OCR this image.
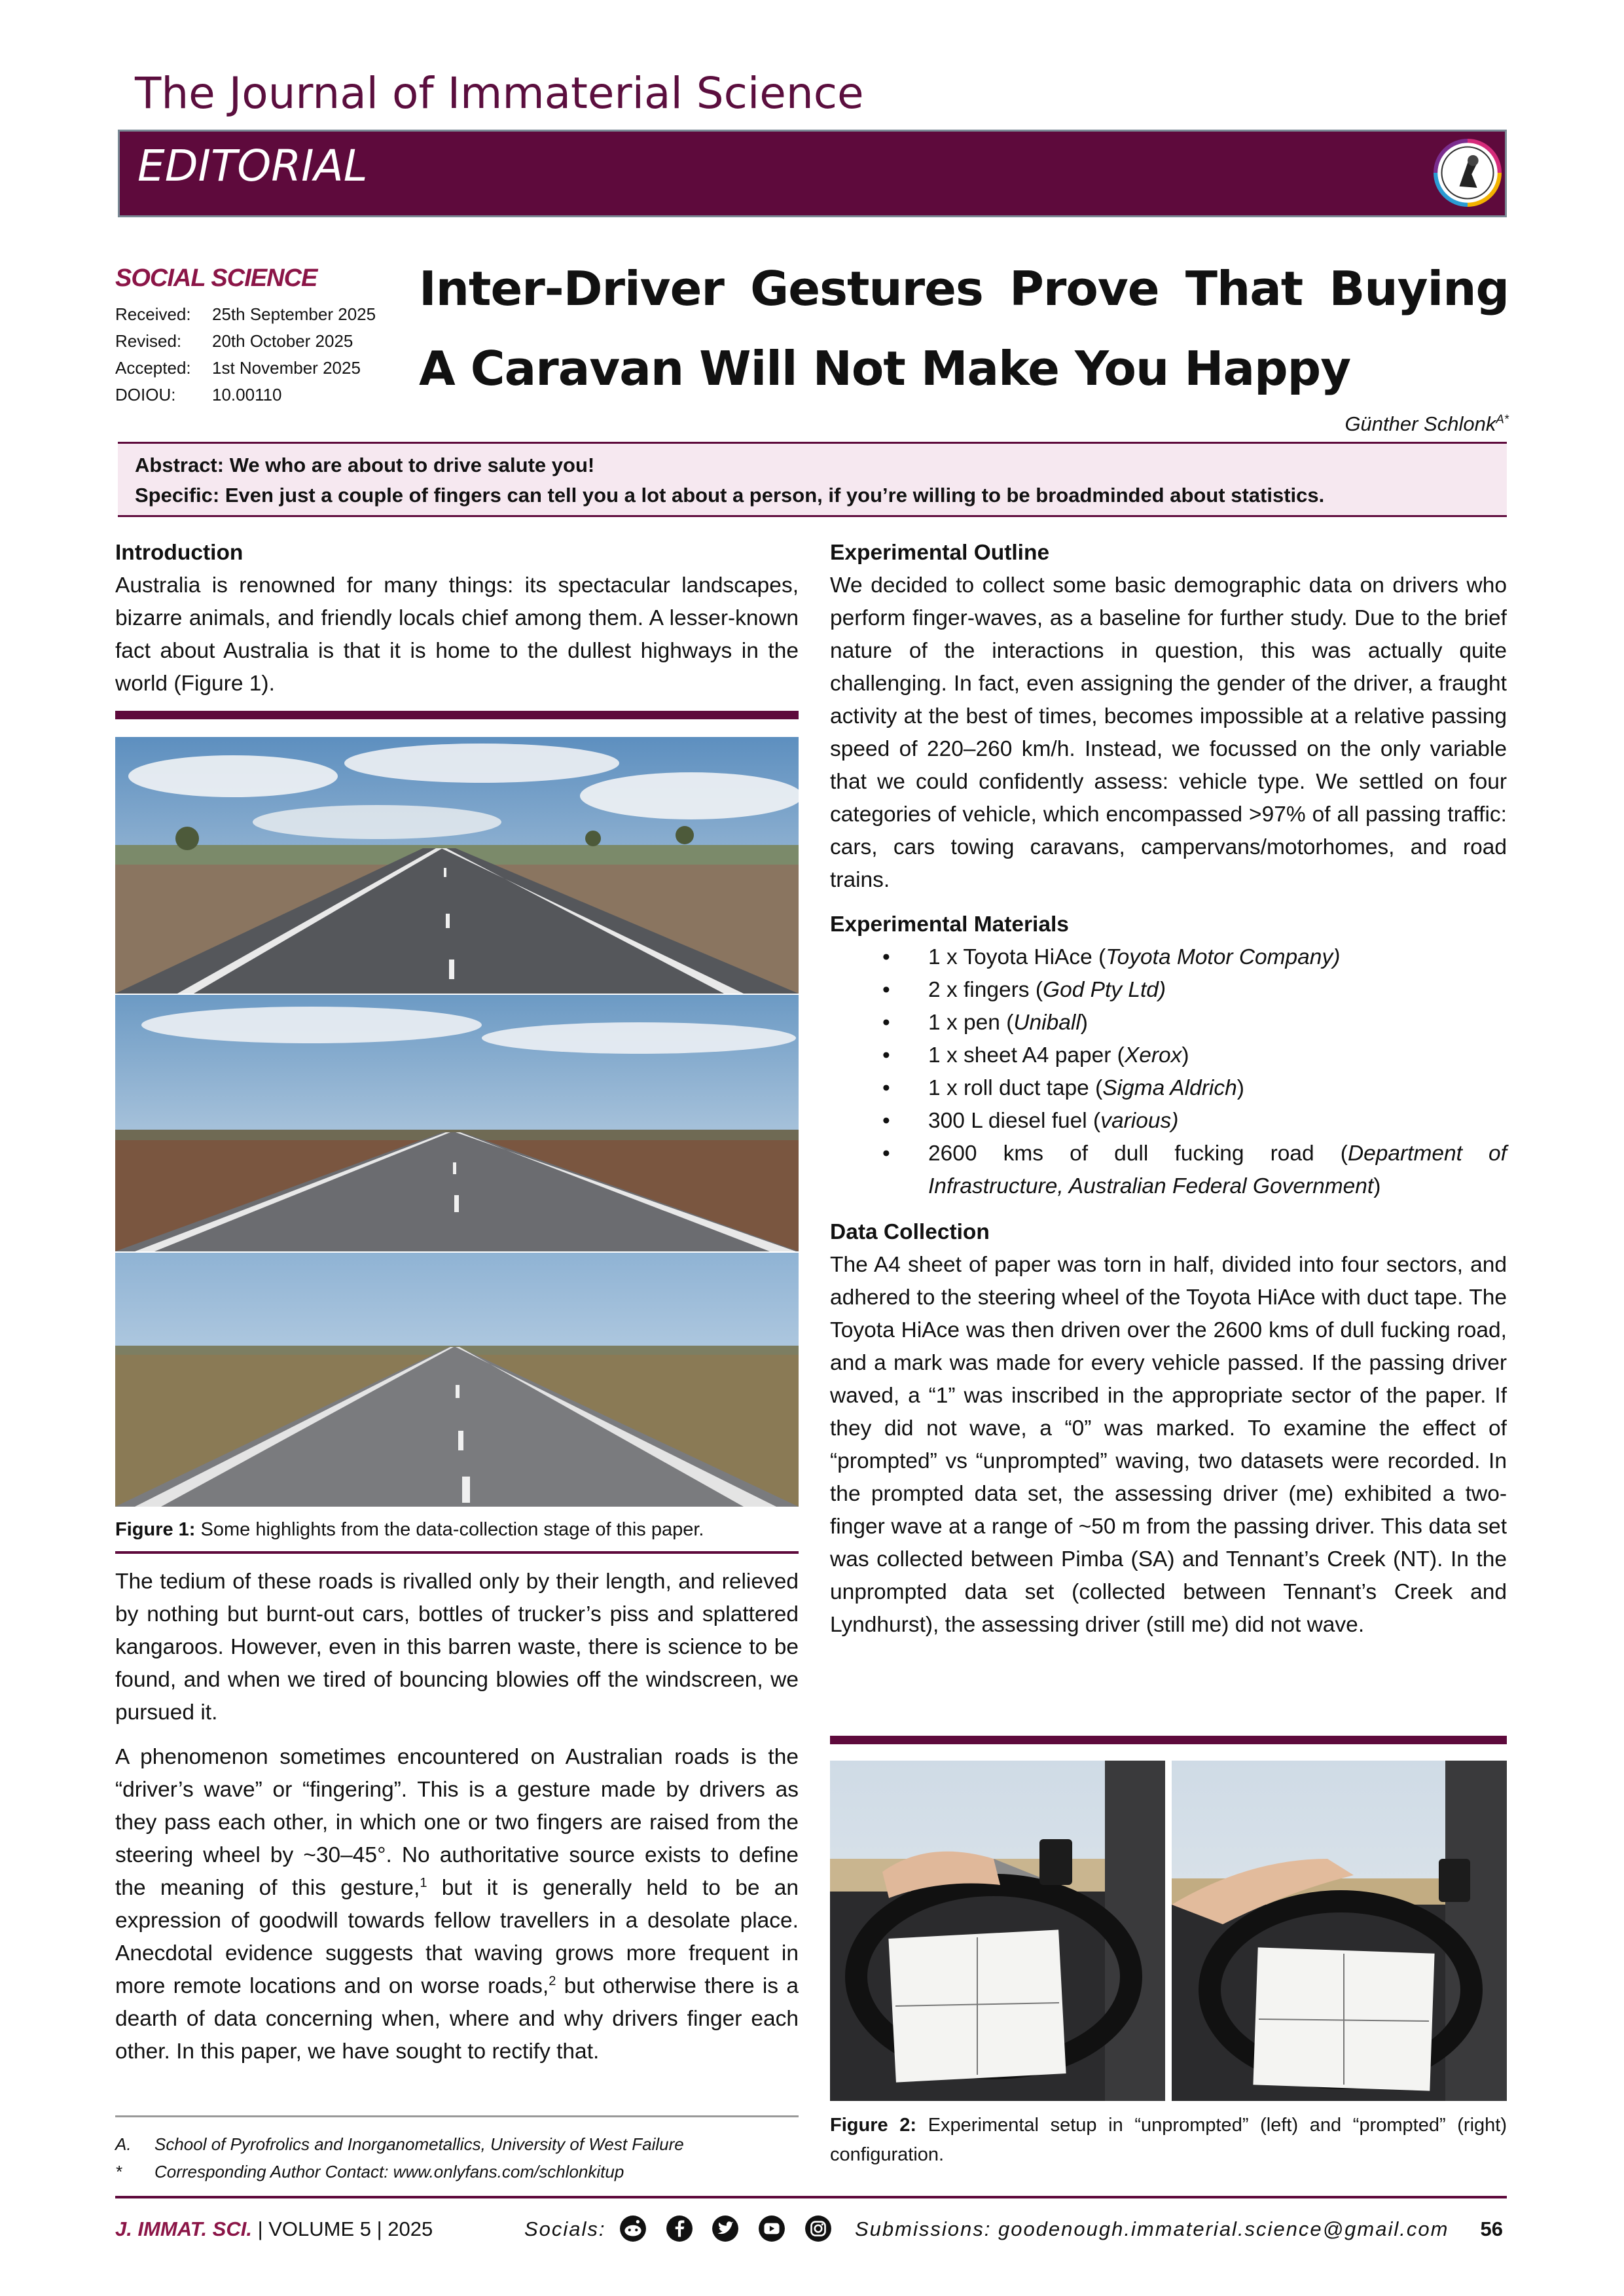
The Journal of Immaterial Science
EDITORIAL
SOCIAL SCIENCE
Received:	25th September 2025
Revised:	20th October 2025
Accepted:	1st November 2025
DOIOU:	10.00110
Inter-Driver Gestures Prove That Buying A Caravan Will Not Make You Happy
Günther Schlonk$^{A*}$
Abstract: We who are about to drive salute you!
Specific: Even just a couple of fingers can tell you a lot about a person, if you’re willing to be broadminded about statistics.
Introduction

Australia is renowned for many things: its spectacular landscapes, bizarre animals, and friendly locals chief among them. A lesser-known fact about Australia is that it is home to the dullest highways in the world (Figure 1).

Figure 1: Some highlights from the data-collection stage of this paper.

The tedium of these roads is rivalled only by their length, and relieved by nothing but burnt-out cars, bottles of trucker’s piss and splattered kangaroos. However, even in this barren waste, there is science to be found, and when we tired of bouncing blowies off the windscreen, we pursued it.

A phenomenon sometimes encountered on Australian roads is the “driver’s wave” or “fingering”. This is a gesture made by drivers as they pass each other, in which one or two fingers are raised from the steering wheel by ~30–45°. No authoritative source exists to define the meaning of this gesture,$^1$ but it is generally held to be an expression of goodwill towards fellow travellers in a desolate place. Anecdotal evidence suggests that waving grows more frequent in more remote locations and on worse roads,$^2$ but otherwise there is a dearth of data concerning when, where and why drivers finger each other. In this paper, we have sought to rectify that.

A. School of Pyrofrolics and Inorganometallics, University of West Failure
* Corresponding Author Contact: www.onlyfans.com/schlonkitup
Experimental Outline

We decided to collect some basic demographic data on drivers who perform finger-waves, as a baseline for further study. Due to the brief nature of the interactions in question, this was actually quite challenging. In fact, even assigning the gender of the driver, a fraught activity at the best of times, becomes impossible at a relative passing speed of 220–260 km/h. Instead, we focussed on the only variable that we could confidently assess: vehicle type. We settled on four categories of vehicle, which encompassed >97% of all passing traffic: cars, cars towing caravans, campervans/motorhomes, and road trains.

Experimental Materials
• 1 x Toyota HiAce (Toyota Motor Company)
• 2 x fingers (God Pty Ltd)
• 1 x pen (Uniball)
• 1 x sheet A4 paper (Xerox)
• 1 x roll duct tape (Sigma Aldrich)
• 300 L diesel fuel (various)
• 2600 kms of dull fucking road (Department of Infrastructure, Australian Federal Government)
Data Collection

The A4 sheet of paper was torn in half, divided into four sectors, and adhered to the steering wheel of the Toyota HiAce with duct tape. The Toyota HiAce was then driven over the 2600 kms of dull fucking road, and a mark was made for every vehicle passed. If the passing driver waved, a “1” was inscribed in the appropriate sector of the paper. If they did not wave, a “0” was marked. To examine the effect of “prompted” vs “unprompted” waving, two datasets were recorded. In the prompted data set, the assessing driver (me) exhibited a two-finger wave at a range of ~50 m from the passing driver. This data set was collected between Pimba (SA) and Tennant’s Creek (NT). In the unprompted data set (collected between Tennant’s Creek and Lyndhurst), the assessing driver (still me) did not wave.

Figure 2: Experimental setup in “unprompted” (left) and “prompted” (right) configuration.
J. IMMAT. SCI. | VOLUME 5 | 2025	Socials:
	Submissions: goodenough.immaterial.science@gmail.com 56
